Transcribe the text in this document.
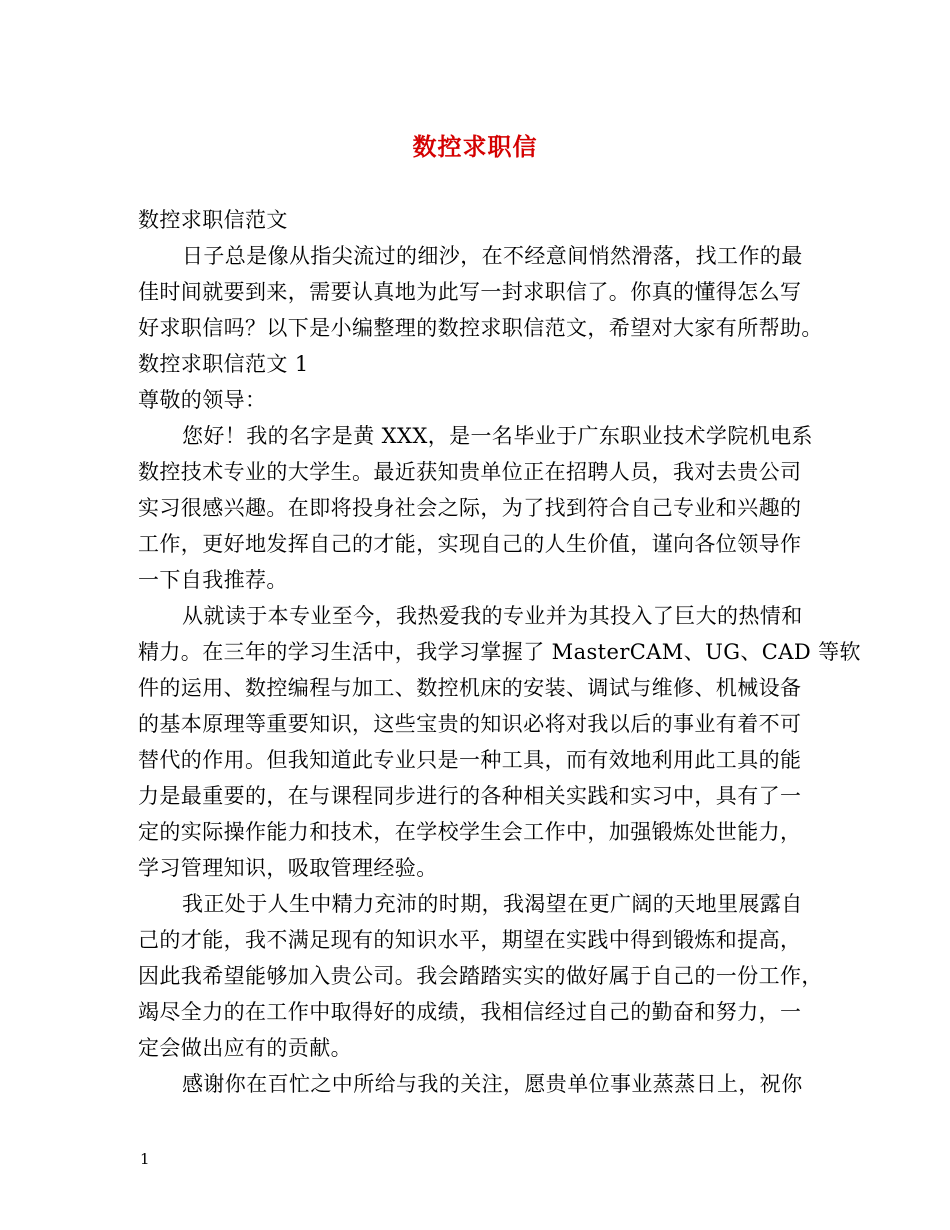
数控求职信

数控求职信范文

日子总是像从指尖流过的细沙，在不经意间悄然滑落，找工作的最

佳时间就要到来，需要认真地为此写一封求职信了。你真的懂得怎么写

好求职信吗？以下是小编整理的数控求职信范文，希望对大家有所帮助。

数控求职信范文 1

尊敬的领导：

您好！我的名字是黄 XXX，是一名毕业于广东职业技术学院机电系

数控技术专业的大学生。最近获知贵单位正在招聘人员，我对去贵公司

实习很感兴趣。在即将投身社会之际，为了找到符合自己专业和兴趣的

工作，更好地发挥自己的才能，实现自己的人生价值，谨向各位领导作

一下自我推荐。

从就读于本专业至今，我热爱我的专业并为其投入了巨大的热情和

精力。在三年的学习生活中，我学习掌握了 MasterCAM、UG、CAD 等软

件的运用、数控编程与加工、数控机床的安装、调试与维修、机械设备

的基本原理等重要知识，这些宝贵的知识必将对我以后的事业有着不可

替代的作用。但我知道此专业只是一种工具，而有效地利用此工具的能

力是最重要的，在与课程同步进行的各种相关实践和实习中，具有了一

定的实际操作能力和技术，在学校学生会工作中，加强锻炼处世能力，

学习管理知识，吸取管理经验。

我正处于人生中精力充沛的时期，我渴望在更广阔的天地里展露自

己的才能，我不满足现有的知识水平，期望在实践中得到锻炼和提高，

因此我希望能够加入贵公司。我会踏踏实实的做好属于自己的一份工作，

竭尽全力的在工作中取得好的成绩，我相信经过自己的勤奋和努力，一

定会做出应有的贡献。

感谢你在百忙之中所给与我的关注，愿贵单位事业蒸蒸日上，祝你

1
